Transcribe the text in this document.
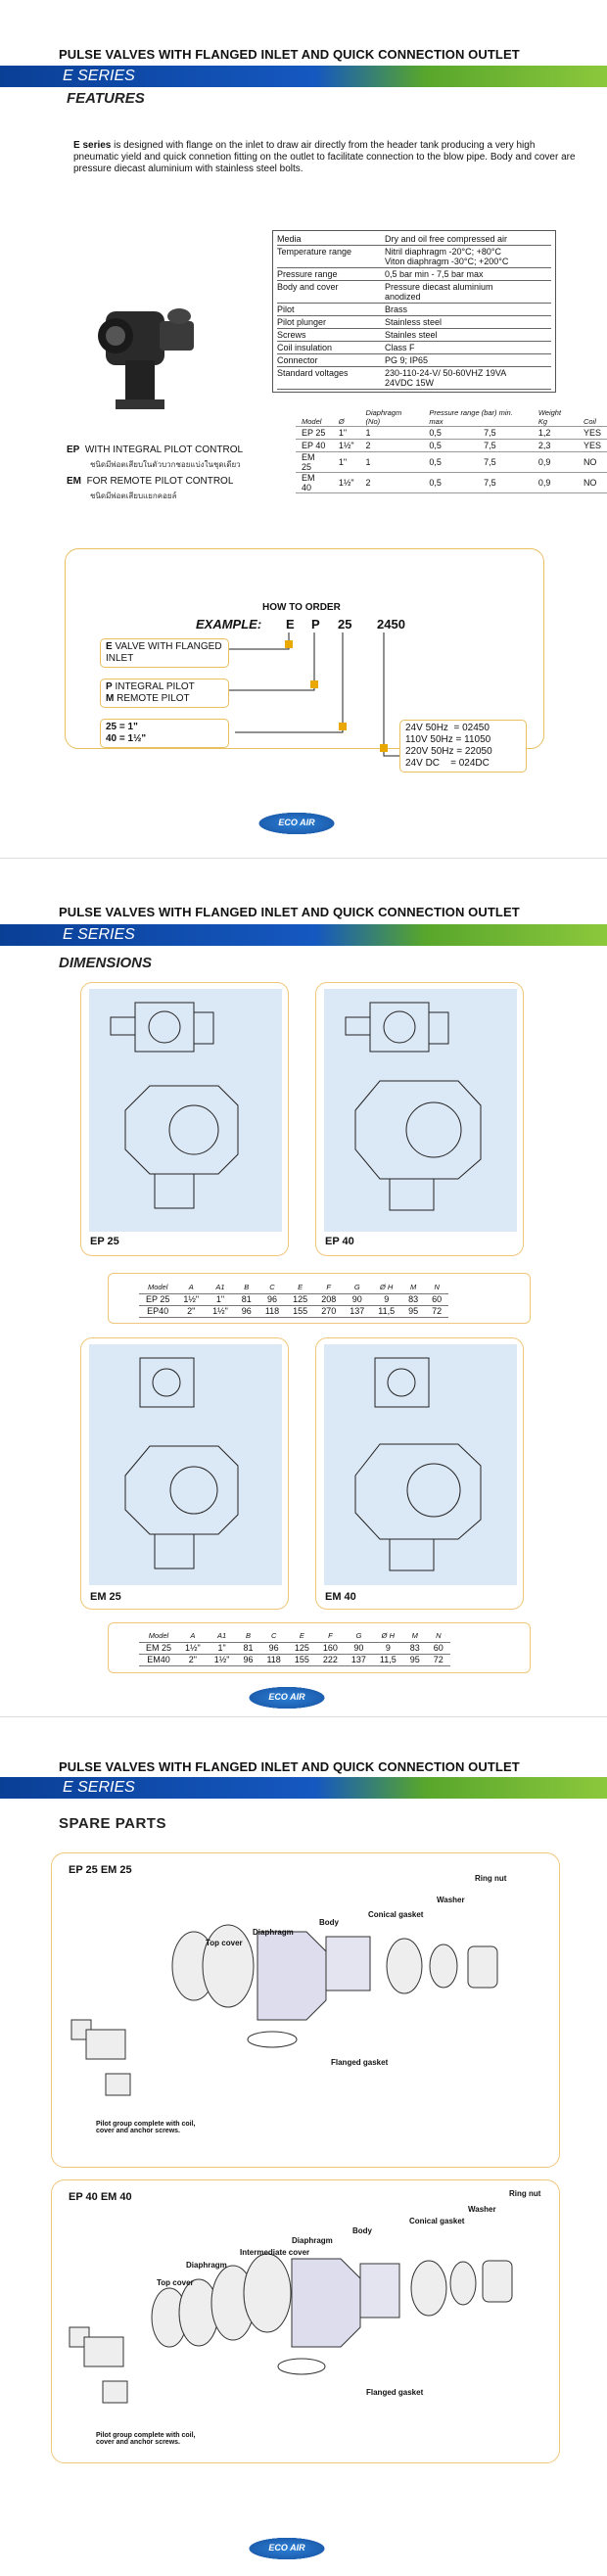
PULSE VALVES WITH FLANGED INLET AND QUICK CONNECTION OUTLET
E SERIES
FEATURES
E series is designed with flange on the inlet to draw air directly from the header tank producing a very high pneumatic yield and quick connetion fitting on the outlet to facilitate connection to the blow pipe. Body and cover are pressure diecast aluminium with stainless steel bolts.
Media	Dry and oil free compressed air
Temperature range	Nitril diaphragm -20°C; +80°C
Viton diaphragm -30°C; +200°C
Pressure range	0,5 bar min - 7,5 bar max
Body and cover	Pressure diecast aluminium
anodized
Pilot	Brass
Pilot plunger	Stainless steel
Screws	Stainles steel
Coil insulation	Class F
Connector	PG 9; IP65
Standard voltages	230-110-24-V/ 50-60VHZ 19VA
24VDC 15W
Model	Ø	Diaphragm (No)	Pressure range (bar) min. max		Weight Kg	Coil
EP 25	1"	1	0,5	7,5	1,2	YES
EP 40	1½"	2	0,5	7,5	2,3	YES
EM 25	1"	1	0,5	7,5	0,9	NO
EM 40	1½"	2	0,5	7,5	0,9	NO
EP WITH INTEGRAL PILOT CONTROL
ชนิดมีพ่อตเสียบในตัวบวกชอยแบ่งในชุดเดียว
EM FOR REMOTE PILOT CONTROL
ชนิดมีพ่อตเสียบแยกคอยล์
HOW TO ORDER
EXAMPLE: E P 25 2450
E VALVE WITH FLANGED
INLET
P INTEGRAL PILOT
M REMOTE PILOT
25 = 1"
40 = 1½"
24V 50Hz  = 02450
110V 50Hz = 11050
220V 50Hz = 22050
24V DC    = 024DC
ECO AIR
PULSE VALVES WITH FLANGED INLET AND QUICK CONNECTION OUTLET
E SERIES
DIMENSIONS
EP 25	EP 40
Model	A	A1	B	C	E	F	G	Ø H	M	N
EP 25	1½"	1"	81	96	125	208	90	9	83	60
EP40	2"	1½"	96	118	155	270	137	11,5	95	72
EM 25	EM 40
Model	A	A1	B	C	E	F	G	Ø H	M	N
EM 25	1½"	1"	81	96	125	160	90	9	83	60
EM40	2"	1½"	96	118	155	222	137	11,5	95	72
ECO AIR
PULSE VALVES WITH FLANGED INLET AND QUICK CONNECTION OUTLET
E SERIES
SPARE PARTS
EP 25 EM 25
Ring nut
Washer
Conical gasket
Body
Diaphragm
Top cover
Flanged gasket
Pilot group complete with coil, cover and anchor screws.
EP 40 EM 40	Ring nut
Washer
Conical gasket
Body
Diaphragm
Intermediate cover
Diaphragm
Top cover
Flanged gasket
Pilot group complete with coil, cover and anchor screws.
ECO AIR
